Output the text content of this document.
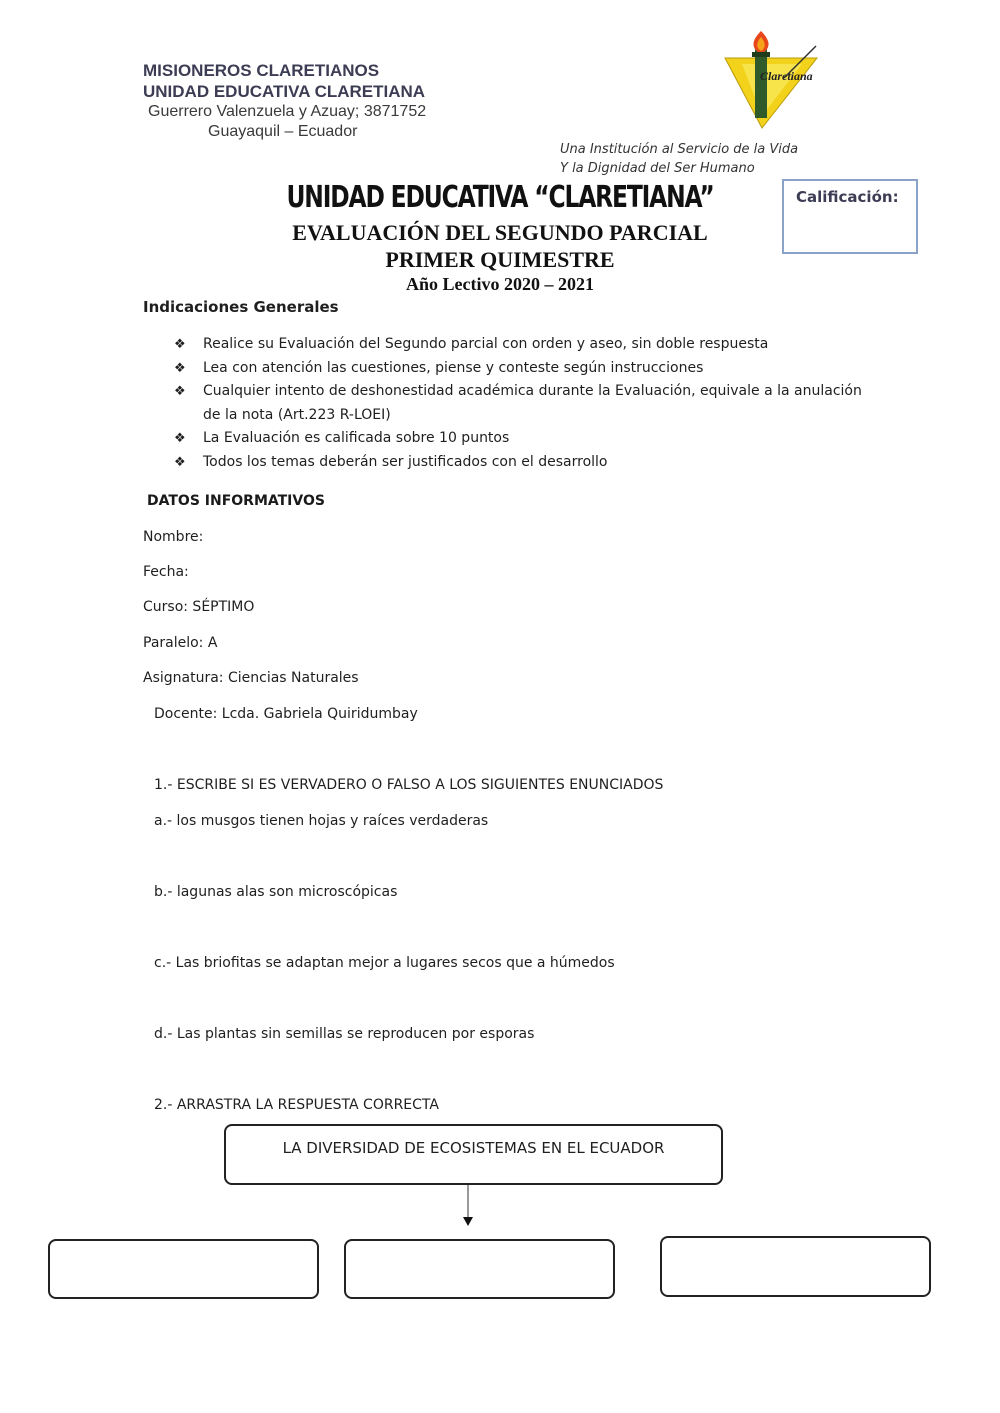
MISIONEROS CLARETIANOS
UNIDAD EDUCATIVA CLARETIANA
Guerrero Valenzuela y Azuay; 3871752
Guayaquil – Ecuador
Claretiana
Una Institución al Servicio de la Vida
Y la Dignidad del Ser Humano
UNIDAD EDUCATIVA “CLARETIANA”
EVALUACIÓN DEL SEGUNDO PARCIAL
PRIMER QUIMESTRE
Año Lectivo 2020 – 2021
Calificación:
Indicaciones Generales
❖ Realice su Evaluación del Segundo parcial con orden y aseo, sin doble respuesta
❖ Lea con atención las cuestiones, piense y conteste según instrucciones
❖ Cualquier intento de deshonestidad académica durante la Evaluación, equivale a la anulación de la nota (Art.223 R-LOEI)
❖ La Evaluación es calificada sobre 10 puntos
❖ Todos los temas deberán ser justificados con el desarrollo
DATOS INFORMATIVOS
Nombre:
Fecha:
Curso: SÉPTIMO
Paralelo: A
Asignatura: Ciencias Naturales
Docente: Lcda. Gabriela Quiridumbay
1.- ESCRIBE SI ES VERVADERO O FALSO A LOS SIGUIENTES ENUNCIADOS
a.- los musgos tienen hojas y raíces verdaderas
b.- lagunas alas son microscópicas
c.- Las briofitas se adaptan mejor a lugares secos que a húmedos
d.- Las plantas sin semillas se reproducen por esporas
2.- ARRASTRA LA RESPUESTA CORRECTA
LA DIVERSIDAD DE ECOSISTEMAS EN EL ECUADOR
